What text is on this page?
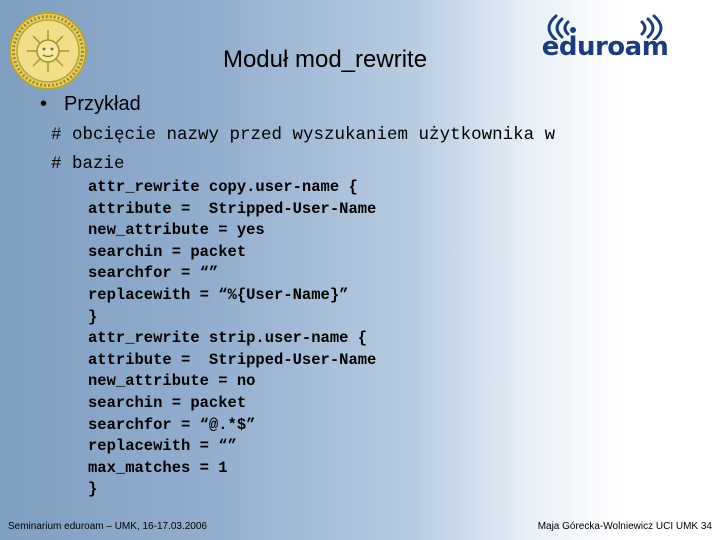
Moduł mod_rewrite	eduroam
• Przykład
# obcięcie nazwy przed wyszukaniem użytkownika w
# bazie
attr_rewrite copy.user-name {
attribute =  Stripped-User-Name
new_attribute = yes
searchin = packet
searchfor = “”
replacewith = “%{User-Name}”
}
attr_rewrite strip.user-name {
attribute =  Stripped-User-Name
new_attribute = no
searchin = packet
searchfor = “@.*$”
replacewith = “”
max_matches = 1
}
Seminarium eduroam – UMK, 16-17.03.2006	Maja Górecka-Wolniewicz UCI UMK 34
